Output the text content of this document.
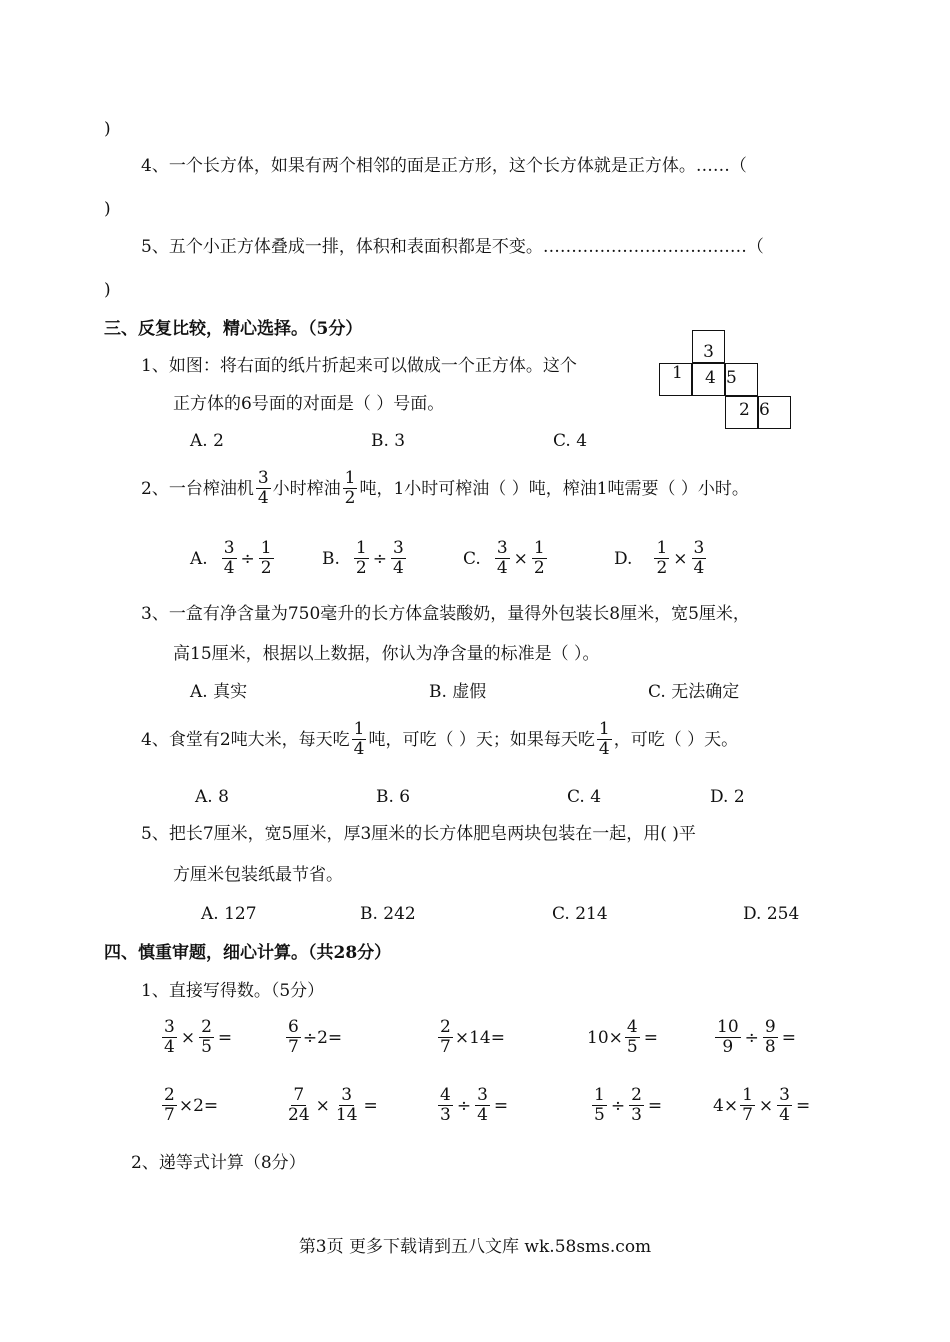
)
4、一个长方体，如果有两个相邻的面是正方形，这个长方体就是正方体。……（
)
5、五个小正方体叠成一排，体积和表面积都是不变。………………………………（
)
三、反复比较，精心选择。（5分）
1、如图：将右面的纸片折起来可以做成一个正方体。这个
正方体的6号面的对面是（ ）号面。
3
1 4 5
2 6
A. 2	B. 3	C. 4
2、一台榨油机 $\frac{3}{4}$ 小时榨油 $\frac{1}{2}$ 吨，1小时可榨油（ ）吨，榨油1吨需要（ ）小时。
A. $\frac{3}{4} \div \frac{1}{2}$	B. $\frac{1}{2} \div \frac{3}{4}$	C. $\frac{3}{4} \times \frac{1}{2}$	D. $\frac{1}{2} \times \frac{3}{4}$
3、一盒有净含量为750毫升的长方体盒装酸奶，量得外包装长8厘米，宽5厘米，
高15厘米，根据以上数据，你认为净含量的标准是（ ）。
A. 真实	B. 虚假	C. 无法确定
4、食堂有2吨大米，每天吃 $\frac{1}{4}$ 吨，可吃（ ）天；如果每天吃 $\frac{1}{4}$ ，可吃（ ）天。
A. 8	B. 6	C. 4	D. 2
5、把长7厘米，宽5厘米，厚3厘米的长方体肥皂两块包装在一起，用( )平
方厘米包装纸最节省。
A. 127	B. 242	C. 214	D. 254
四、慎重审题，细心计算。（共28分）
1、直接写得数。（5分）
$\frac{3}{4} \times \frac{2}{5}$ =	$\frac{6}{7} \div 2=$	$\frac{2}{7} \times 14=$	$10\times \frac{4}{5}$ =	$\frac{10}{9} \div \frac{9}{8}$ =
$\frac{2}{7} \times 2=$	$\frac{7}{24} \times \frac{3}{14}$ =	$\frac{4}{3} \div \frac{3}{4}$ =	$\frac{1}{5} \div \frac{2}{3}$ =	$4\times \frac{1}{7} \times \frac{3}{4}$ =
2、递等式计算（8分）
第3页 更多下载请到五八文库 wk.58sms.com
